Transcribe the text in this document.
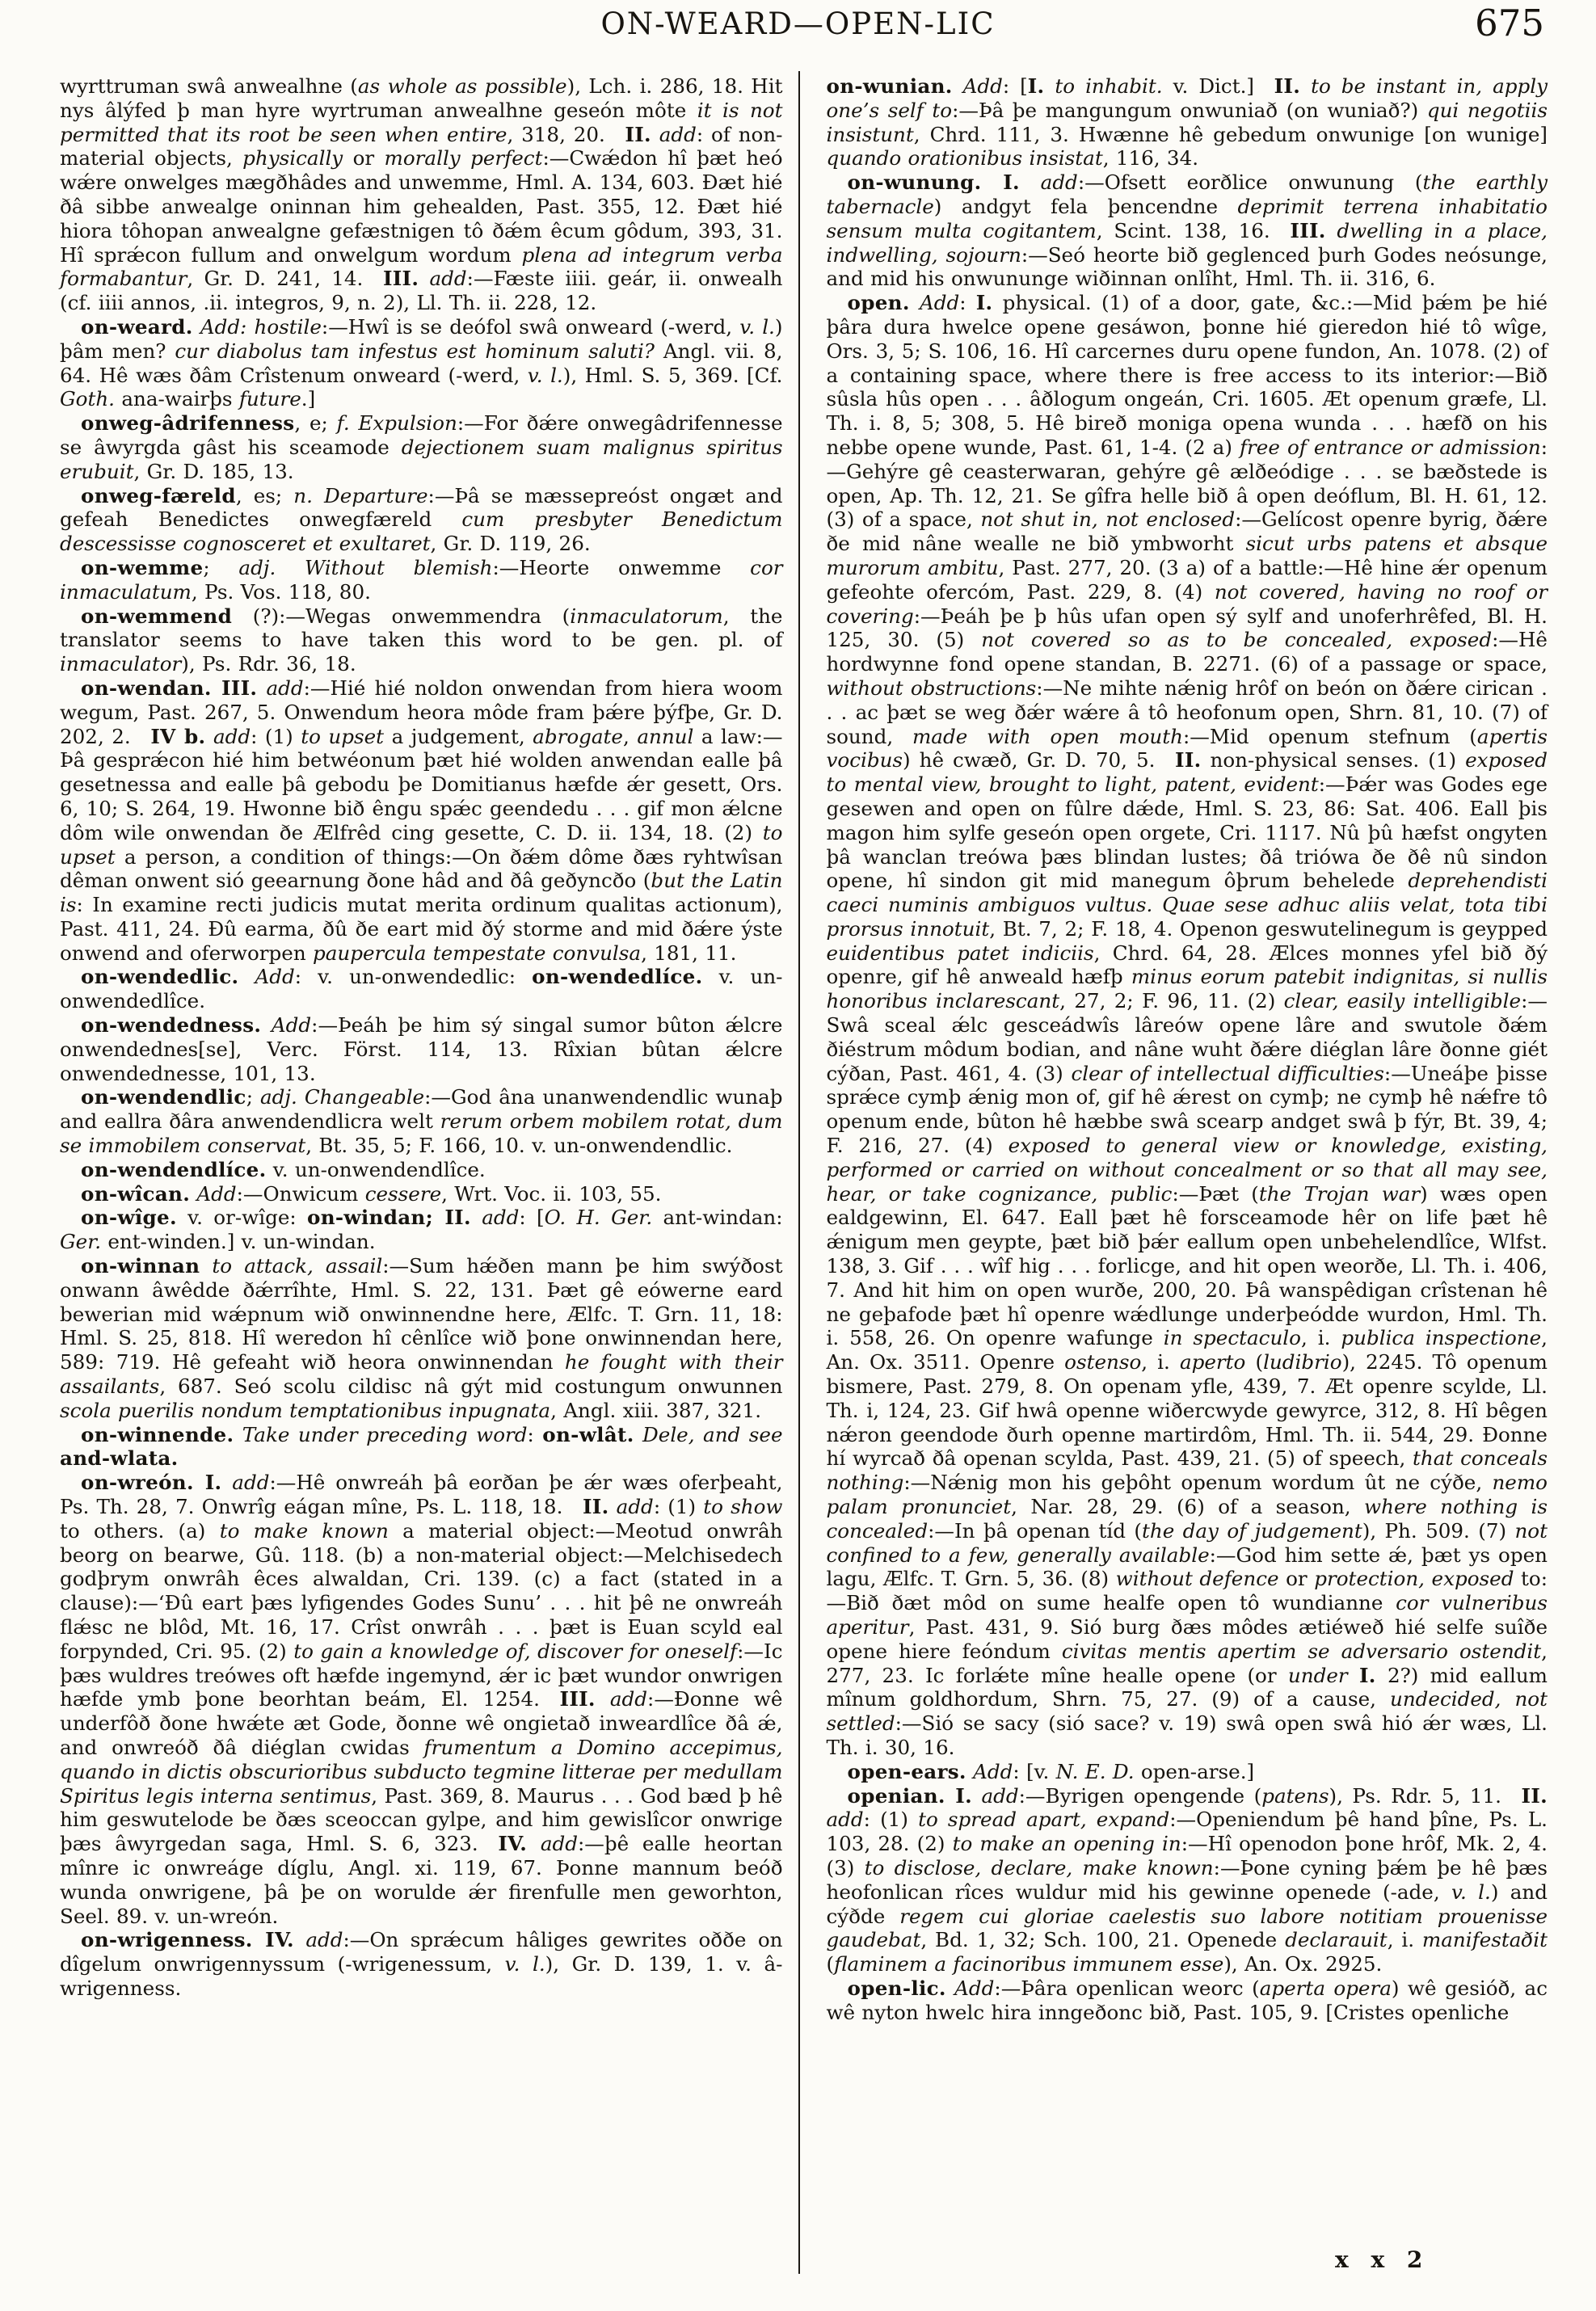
ON-WEARD—OPEN-LIC	675

wyrttruman swâ anwealhne (as whole as possible), Lch. i. 286, 18. Hit nys âlýfed þ man hyre wyrtruman anwealhne geseón môte it is not permitted that its root be seen when entire, 318, 20. II. add: of non-material objects, physically or morally perfect:—Cwǽdon hî þæt heó wǽre onwelges mægðhâdes and unwemme, Hml. A. 134, 603. Ðæt hié ðâ sibbe anwealge oninnan him gehealden, Past. 355, 12. Ðæt hié hiora tôhopan anwealgne gefæstnigen tô ðǽm êcum gôdum, 393, 31. Hî sprǽcon fullum and onwelgum wordum plena ad integrum verba formabantur, Gr. D. 241, 14. III. add:—Fæste iiii. geár, ii. onwealh (cf. iiii annos, .ii. integros, 9, n. 2), Ll. Th. ii. 228, 12.

on-weard. Add: hostile:—Hwî is se deófol swâ onweard (-werd, v. l.) þâm men? cur diabolus tam infestus est hominum saluti? Angl. vii. 8, 64. Hê wæs ðâm Crîstenum onweard (-werd, v. l.), Hml. S. 5, 369. [Cf. Goth. ana-wairþs future.]

onweg-âdrifenness, e; f. Expulsion:—For ðǽre onwegâdrifennesse se âwyrgda gâst his sceamode dejectionem suam malignus spiritus erubuit, Gr. D. 185, 13.

onweg-færeld, es; n. Departure:—Þâ se mæssepreóst ongæt and gefeah Benedictes onwegfæreld cum presbyter Benedictum descessisse cognosceret et exultaret, Gr. D. 119, 26.

on-wemme; adj. Without blemish:—Heorte onwemme cor inmaculatum, Ps. Vos. 118, 80.

on-wemmend (?):—Wegas onwemmendra (inmaculatorum, the translator seems to have taken this word to be gen. pl. of inmaculator), Ps. Rdr. 36, 18.

on-wendan. III. add:—Hié hié noldon onwendan from hiera woom wegum, Past. 267, 5. Onwendum heora môde fram þǽre þýfþe, Gr. D. 202, 2. IV b. add: (1) to upset a judgement, abrogate, annul a law:—Þâ gesprǽcon hié him betwéonum þæt hié wolden anwendan ealle þâ gesetnessa and ealle þâ gebodu þe Domitianus hæfde ǽr gesett, Ors. 6, 10; S. 264, 19. Hwonne bið êngu spǽc geendedu . . . gif mon ǽlcne dôm wile onwendan ðe Ælfrêd cing gesette, C. D. ii. 134, 18. (2) to upset a person, a condition of things:—On ðǽm dôme ðæs ryhtwîsan dêman onwent sió geearnung ðone hâd and ðâ geðyncðo (but the Latin is: In examine recti judicis mutat merita ordinum qualitas actionum), Past. 411, 24. Ðû earma, ðû ðe eart mid ðý storme and mid ðǽre ýste onwend and oferworpen paupercula tempestate convulsa, 181, 11.

on-wendedlic. Add: v. un-onwendedlic: on-wendedlíce. v. un-onwendedlîce.

on-wendedness. Add:—Þeáh þe him sý singal sumor bûton ǽlcre onwendednes[se], Verc. Först. 114, 13. Rîxian bûtan ǽlcre onwendednesse, 101, 13.

on-wendendlic; adj. Changeable:—God âna unanwendendlic wunaþ and eallra ðâra anwendendlicra welt rerum orbem mobilem rotat, dum se immobilem conservat, Bt. 35, 5; F. 166, 10. v. un-onwendendlic.

on-wendendlíce. v. un-onwendendlîce.

on-wîcan. Add:—Onwicum cessere, Wrt. Voc. ii. 103, 55.

on-wîge. v. or-wîge: on-windan; II. add: [O. H. Ger. ant-windan: Ger. ent-winden.] v. un-windan.

on-winnan to attack, assail:—Sum hǽðen mann þe him swýðost onwann âwêdde ðǽrrîhte, Hml. S. 22, 131. Þæt gê eówerne eard bewerian mid wǽpnum wið onwinnendne here, Ælfc. T. Grn. 11, 18: Hml. S. 25, 818. Hî weredon hî cênlîce wið þone onwinnendan here, 589: 719. Hê gefeaht wið heora onwinnendan he fought with their assailants, 687. Seó scolu cildisc nâ gýt mid costungum onwunnen scola puerilis nondum temptationibus inpugnata, Angl. xiii. 387, 321.

on-winnende. Take under preceding word: on-wlât. Dele, and see and-wlata.

on-wreón. I. add:—Hê onwreáh þâ eorðan þe ǽr wæs oferþeaht, Ps. Th. 28, 7. Onwrîg eágan mîne, Ps. L. 118, 18. II. add: (1) to show to others. (a) to make known a material object:—Meotud onwrâh beorg on bearwe, Gû. 118. (b) a non-material object:—Melchisedech godþrym onwrâh êces alwaldan, Cri. 139. (c) a fact (stated in a clause):—‘Ðû eart þæs lyfigendes Godes Sunu’ . . . hit þê ne onwreáh flǽsc ne blôd, Mt. 16, 17. Crîst onwrâh . . . þæt is Euan scyld eal forpynded, Cri. 95. (2) to gain a knowledge of, discover for oneself:—Ic þæs wuldres treówes oft hæfde ingemynd, ǽr ic þæt wundor onwrigen hæfde ymb þone beorhtan beám, El. 1254. III. add:—Ðonne wê underfôð ðone hwǽte æt Gode, ðonne wê ongietað inweardlîce ðâ ǽ, and onwreóð ðâ diéglan cwidas frumentum a Domino accepimus, quando in dictis obscurioribus subducto tegmine litterae per medullam Spiritus legis interna sentimus, Past. 369, 8. Maurus . . . God bæd þ hê him geswutelode be ðæs sceoccan gylpe, and him gewislîcor onwrige þæs âwyrgedan saga, Hml. S. 6, 323. IV. add:—þê ealle heortan mînre ic onwreáge díglu, Angl. xi. 119, 67. Þonne mannum beóð wunda onwrigene, þâ þe on worulde ǽr firenfulle men geworhton, Seel. 89. v. un-wreón.

on-wrigenness. IV. add:—On sprǽcum hâliges gewrites oððe on dîgelum onwrigennyssum (-wrigenessum, v. l.), Gr. D. 139, 1. v. â-wrigenness.

on-wunian. Add: [I. to inhabit. v. Dict.] II. to be instant in, apply one’s self to:—Þâ þe mangungum onwuniað (on wuniað?) qui negotiis insistunt, Chrd. 111, 3. Hwænne hê gebedum onwunige [on wunige] quando orationibus insistat, 116, 34.

on-wunung. I. add:—Ofsett eorðlice onwunung (the earthly tabernacle) andgyt fela þencendne deprimit terrena inhabitatio sensum multa cogitantem, Scint. 138, 16. III. dwelling in a place, indwelling, sojourn:—Seó heorte bið geglenced þurh Godes neósunge, and mid his onwununge wiðinnan onlîht, Hml. Th. ii. 316, 6.

open. Add: I. physical. (1) of a door, gate, &c.:—Mid þǽm þe hié þâra dura hwelce opene gesáwon, þonne hié gieredon hié tô wîge, Ors. 3, 5; S. 106, 16. Hî carcernes duru opene fundon, An. 1078. (2) of a containing space, where there is free access to its interior:—Bið sûsla hûs open . . . âðlogum ongeán, Cri. 1605. Æt openum græfe, Ll. Th. i. 8, 5; 308, 5. Hê bireð moniga opena wunda . . . hæfð on his nebbe opene wunde, Past. 61, 1-4. (2 a) free of entrance or admission:—Gehýre gê ceasterwaran, gehýre gê ælðeódige . . . se bæðstede is open, Ap. Th. 12, 21. Se gîfra helle bið â open deóflum, Bl. H. 61, 12. (3) of a space, not shut in, not enclosed:—Gelícost openre byrig, ðǽre ðe mid nâne wealle ne bið ymbworht sicut urbs patens et absque murorum ambitu, Past. 277, 20. (3 a) of a battle:—Hê hine ǽr openum gefeohte ofercóm, Past. 229, 8. (4) not covered, having no roof or covering:—Þeáh þe þ hûs ufan open sý sylf and unoferhrêfed, Bl. H. 125, 30. (5) not covered so as to be concealed, exposed:—Hê hordwynne fond opene standan, B. 2271. (6) of a passage or space, without obstructions:—Ne mihte nǽnig hrôf on beón on ðǽre cirican . . . ac þæt se weg ðǽr wǽre â tô heofonum open, Shrn. 81, 10. (7) of sound, made with open mouth:—Mid openum stefnum (apertis vocibus) hê cwæð, Gr. D. 70, 5. II. non-physical senses. (1) exposed to mental view, brought to light, patent, evident:—Þǽr was Godes ege gesewen and open on fûlre dǽde, Hml. S. 23, 86: Sat. 406. Eall þis magon him sylfe geseón open orgete, Cri. 1117. Nû þû hæfst ongyten þâ wanclan treówa þæs blindan lustes; ðâ triówa ðe ðê nû sindon opene, hî sindon git mid manegum ôþrum behelede deprehendisti caeci numinis ambiguos vultus. Quae sese adhuc aliis velat, tota tibi prorsus innotuit, Bt. 7, 2; F. 18, 4. Openon geswutelinegum is geypped euidentibus patet indiciis, Chrd. 64, 28. Ælces monnes yfel bið ðý openre, gif hê anweald hæfþ minus eorum patebit indignitas, si nullis honoribus inclarescant, 27, 2; F. 96, 11. (2) clear, easily intelligible:—Swâ sceal ǽlc gesceádwîs lâreów opene lâre and swutole ðǽm ðiéstrum môdum bodian, and nâne wuht ðǽre diéglan lâre ðonne giét cýðan, Past. 461, 4. (3) clear of intellectual difficulties:—Uneáþe þisse sprǽce cymþ ǽnig mon of, gif hê ǽrest on cymþ; ne cymþ hê nǽfre tô openum ende, bûton hê hæbbe swâ scearp andget swâ þ fýr, Bt. 39, 4; F. 216, 27. (4) exposed to general view or knowledge, existing, performed or carried on without concealment or so that all may see, hear, or take cognizance, public:—Þæt (the Trojan war) wæs open ealdgewinn, El. 647. Eall þæt hê forsceamode hêr on life þæt hê ǽnigum men geypte, þæt bið þǽr eallum open unbehelendlîce, Wlfst. 138, 3. Gif . . . wîf hig . . . forlicge, and hit open weorðe, Ll. Th. i. 406, 7. And hit him on open wurðe, 200, 20. Þâ wanspêdigan crîstenan hê ne geþafode þæt hî openre wǽdlunge underþeódde wurdon, Hml. Th. i. 558, 26. On openre wafunge in spectaculo, i. publica inspectione, An. Ox. 3511. Openre ostenso, i. aperto (ludibrio), 2245. Tô openum bismere, Past. 279, 8. On openam yfle, 439, 7. Æt openre scylde, Ll. Th. i, 124, 23. Gif hwâ openne wiðercwyde gewyrce, 312, 8. Hî bêgen nǽron geendode ðurh openne martirdôm, Hml. Th. ii. 544, 29. Ðonne hí wyrcað ðâ openan scylda, Past. 439, 21. (5) of speech, that conceals nothing:—Nǽnig mon his geþôht openum wordum ût ne cýðe, nemo palam pronunciet, Nar. 28, 29. (6) of a season, where nothing is concealed:—In þâ openan tíd (the day of judgement), Ph. 509. (7) not confined to a few, generally available:—God him sette ǽ, þæt ys open lagu, Ælfc. T. Grn. 5, 36. (8) without defence or protection, exposed to:—Bið ðæt môd on sume healfe open tô wundianne cor vulneribus aperitur, Past. 431, 9. Sió burg ðæs môdes ætiéweð hié selfe suîðe opene hiere feóndum civitas mentis apertim se adversario ostendit, 277, 23. Ic forlǽte mîne healle opene (or under I. 2?) mid eallum mînum goldhordum, Shrn. 75, 27. (9) of a cause, undecided, not settled:—Sió se sacy (sió sace? v. 19) swâ open swâ hió ǽr wæs, Ll. Th. i. 30, 16.

open-ears. Add: [v. N. E. D. open-arse.]

openian. I. add:—Byrigen opengende (patens), Ps. Rdr. 5, 11. II. add: (1) to spread apart, expand:—Openiendum þê hand þîne, Ps. L. 103, 28. (2) to make an opening in:—Hî openodon þone hrôf, Mk. 2, 4. (3) to disclose, declare, make known:—Þone cyning þǽm þe hê þæs heofonlican rîces wuldur mid his gewinne openede (-ade, v. l.) and cýðde regem cui gloriae caelestis suo labore notitiam prouenisse gaudebat, Bd. 1, 32; Sch. 100, 21. Openede declarauit, i. manifestaðit (flaminem a facinoribus immunem esse), An. Ox. 2925.

open-lic. Add:—Þâra openlican weorc (aperta opera) wê gesióð, ac wê nyton hwelc hira inngeðonc bið, Past. 105, 9. [Cristes openliche

x x 2
